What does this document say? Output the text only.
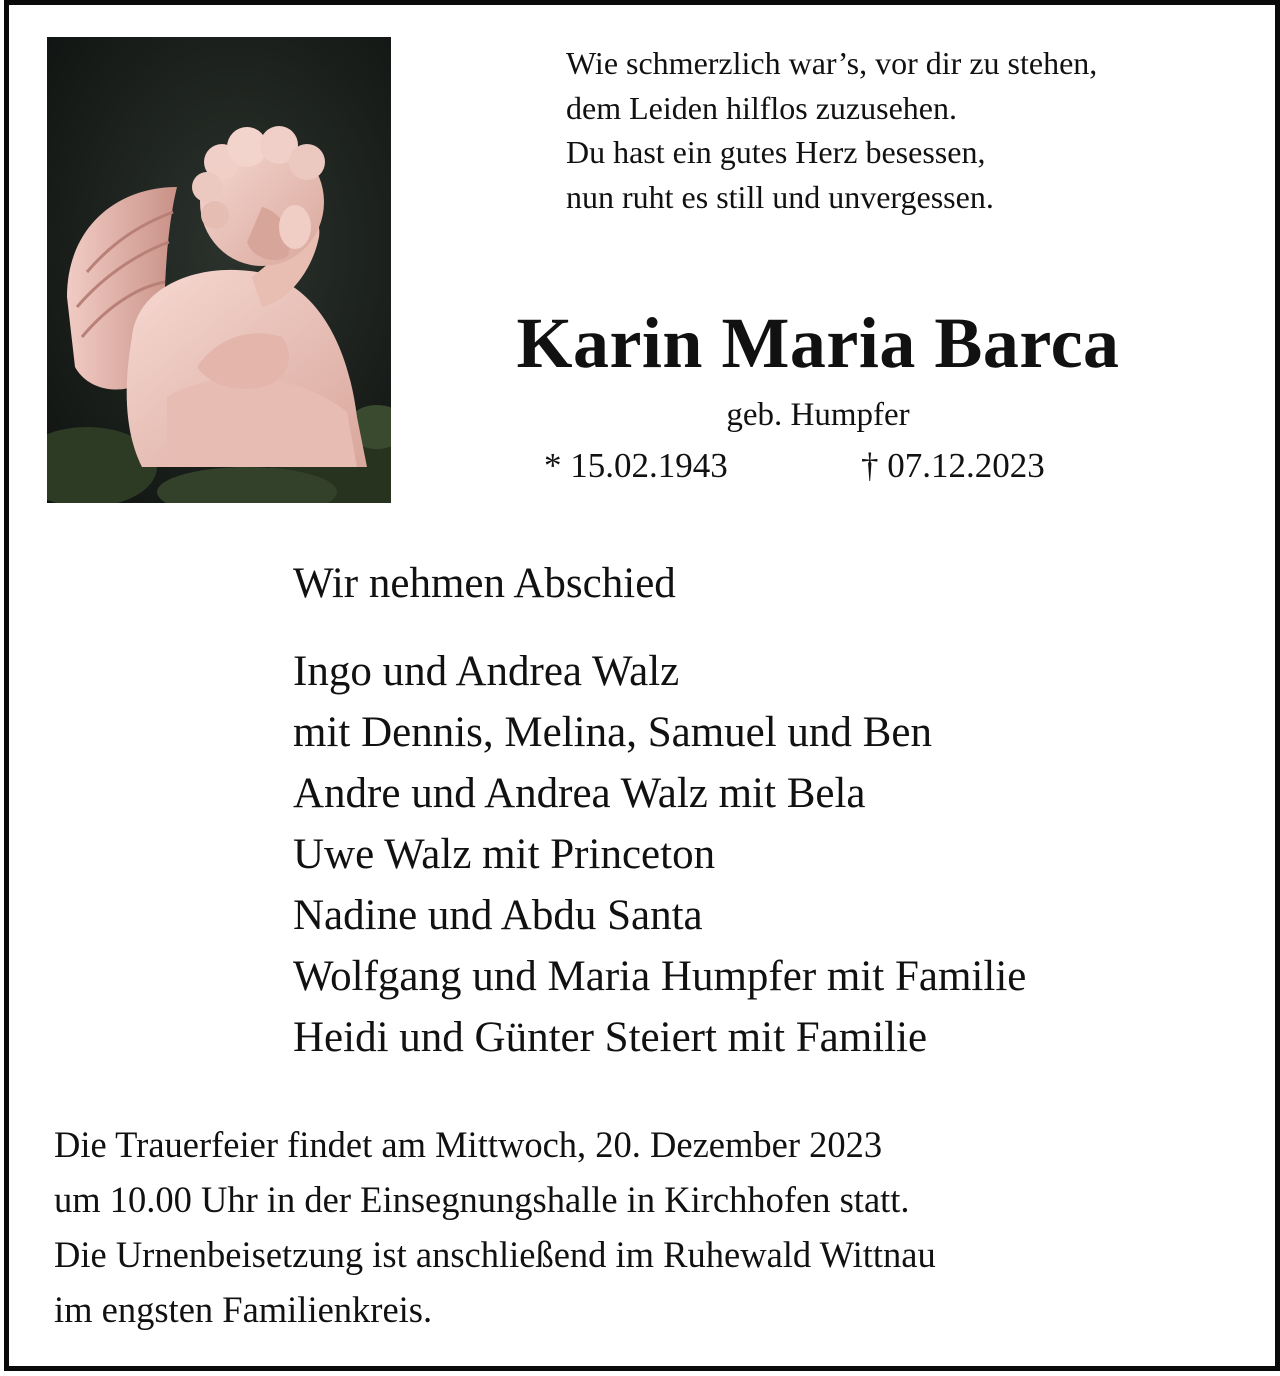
Wie schmerzlich war’s, vor dir zu stehen,
dem Leiden hilflos zuzusehen.
Du hast ein gutes Herz besessen,
nun ruht es still und unvergessen.
Karin Maria Barca
geb. Humpfer
* 15.02.1943	† 07.12.2023
Wir nehmen Abschied
Ingo und Andrea Walz
mit Dennis, Melina, Samuel und Ben
Andre und Andrea Walz mit Bela
Uwe Walz mit Princeton
Nadine und Abdu Santa
Wolfgang und Maria Humpfer mit Familie
Heidi und Günter Steiert mit Familie
Die Trauerfeier findet am Mittwoch, 20. Dezember 2023
um 10.00 Uhr in der Einsegnungshalle in Kirchhofen statt.
Die Urnenbeisetzung ist anschließend im Ruhewald Wittnau
im engsten Familienkreis.
